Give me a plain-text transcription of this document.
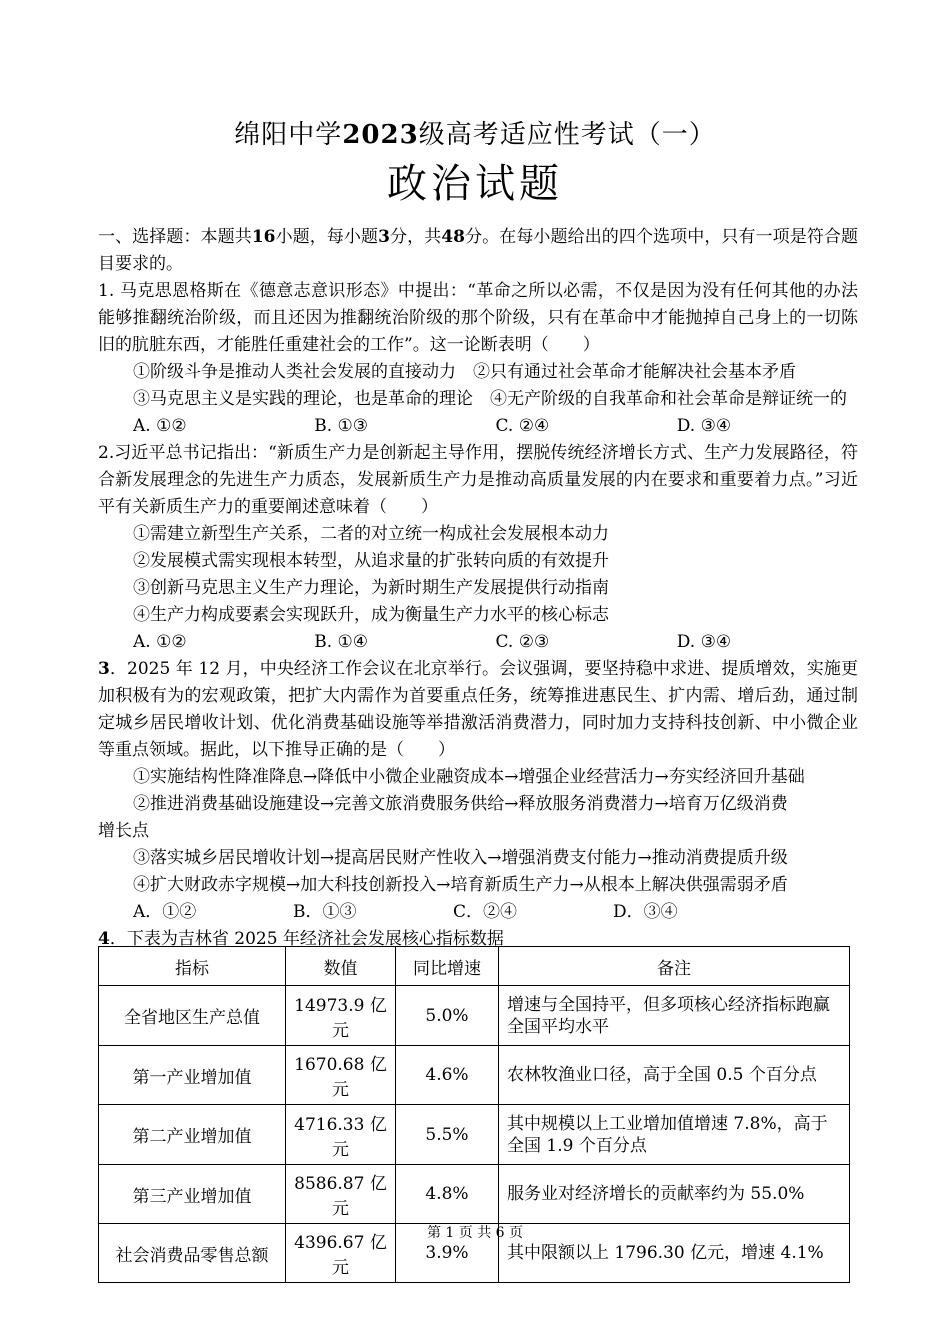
绵阳中学2023级高考适应性考试（一）
政治试题

一、选择题：本题共16小题，每小题3分，共48分。在每小题给出的四个选项中，只有一项是符合题目要求的。

1. 马克思恩格斯在《德意志意识形态》中提出：“革命之所以必需，不仅是因为没有任何其他的办法能够推翻统治阶级，而且还因为推翻统治阶级的那个阶级，只有在革命中才能抛掉自己身上的一切陈旧的肮脏东西，才能胜任重建社会的工作”。这一论断表明（　　）

①阶级斗争是推动人类社会发展的直接动力　②只有通过社会革命才能解决社会基本矛盾

③马克思主义是实践的理论，也是革命的理论　④无产阶级的自我革命和社会革命是辩证统一的

A. ①②	B. ①③	C. ②④	D. ③④

2.习近平总书记指出：“新质生产力是创新起主导作用，摆脱传统经济增长方式、生产力发展路径，符合新发展理念的先进生产力质态，发展新质生产力是推动高质量发展的内在要求和重要着力点。”习近平有关新质生产力的重要阐述意味着（　　）

①需建立新型生产关系，二者的对立统一构成社会发展根本动力

②发展模式需实现根本转型，从追求量的扩张转向质的有效提升

③创新马克思主义生产力理论，为新时期生产发展提供行动指南

④生产力构成要素会实现跃升，成为衡量生产力水平的核心标志

A. ①②	B. ①④	C. ②③	D. ③④

3．2025 年 12 月，中央经济工作会议在北京举行。会议强调，要坚持稳中求进、提质增效，实施更加积极有为的宏观政策，把扩大内需作为首要重点任务，统筹推进惠民生、扩内需、增后劲，通过制定城乡居民增收计划、优化消费基础设施等举措激活消费潜力，同时加力支持科技创新、中小微企业等重点领域。据此，以下推导正确的是（　　）

①实施结构性降准降息→降低中小微企业融资成本→增强企业经营活力→夯实经济回升基础

②推进消费基础设施建设→完善文旅消费服务供给→释放服务消费潜力→培育万亿级消费

增长点

③落实城乡居民增收计划→提高居民财产性收入→增强消费支付能力→推动消费提质升级

④扩大财政赤字规模→加大科技创新投入→培育新质生产力→从根本上解决供强需弱矛盾

A．①②	B．①③	C．②④	D．③④

4．下表为吉林省 2025 年经济社会发展核心指标数据

指标	数值	同比增速	备注
全省地区生产总值	14973.9 亿元	5.0%	增速与全国持平，但多项核心经济指标跑赢全国平均水平
第一产业增加值	1670.68 亿元	4.6%	农林牧渔业口径，高于全国 0.5 个百分点
第二产业增加值	4716.33 亿元	5.5%	其中规模以上工业增加值增速 7.8%，高于全国 1.9 个百分点
第三产业增加值	8586.87 亿元	4.8%	服务业对经济增长的贡献率约为 55.0%
社会消费品零售总额	4396.67 亿元	3.9%	其中限额以上 1796.30 亿元，增速 4.1%
第 1 页 共 6 页
